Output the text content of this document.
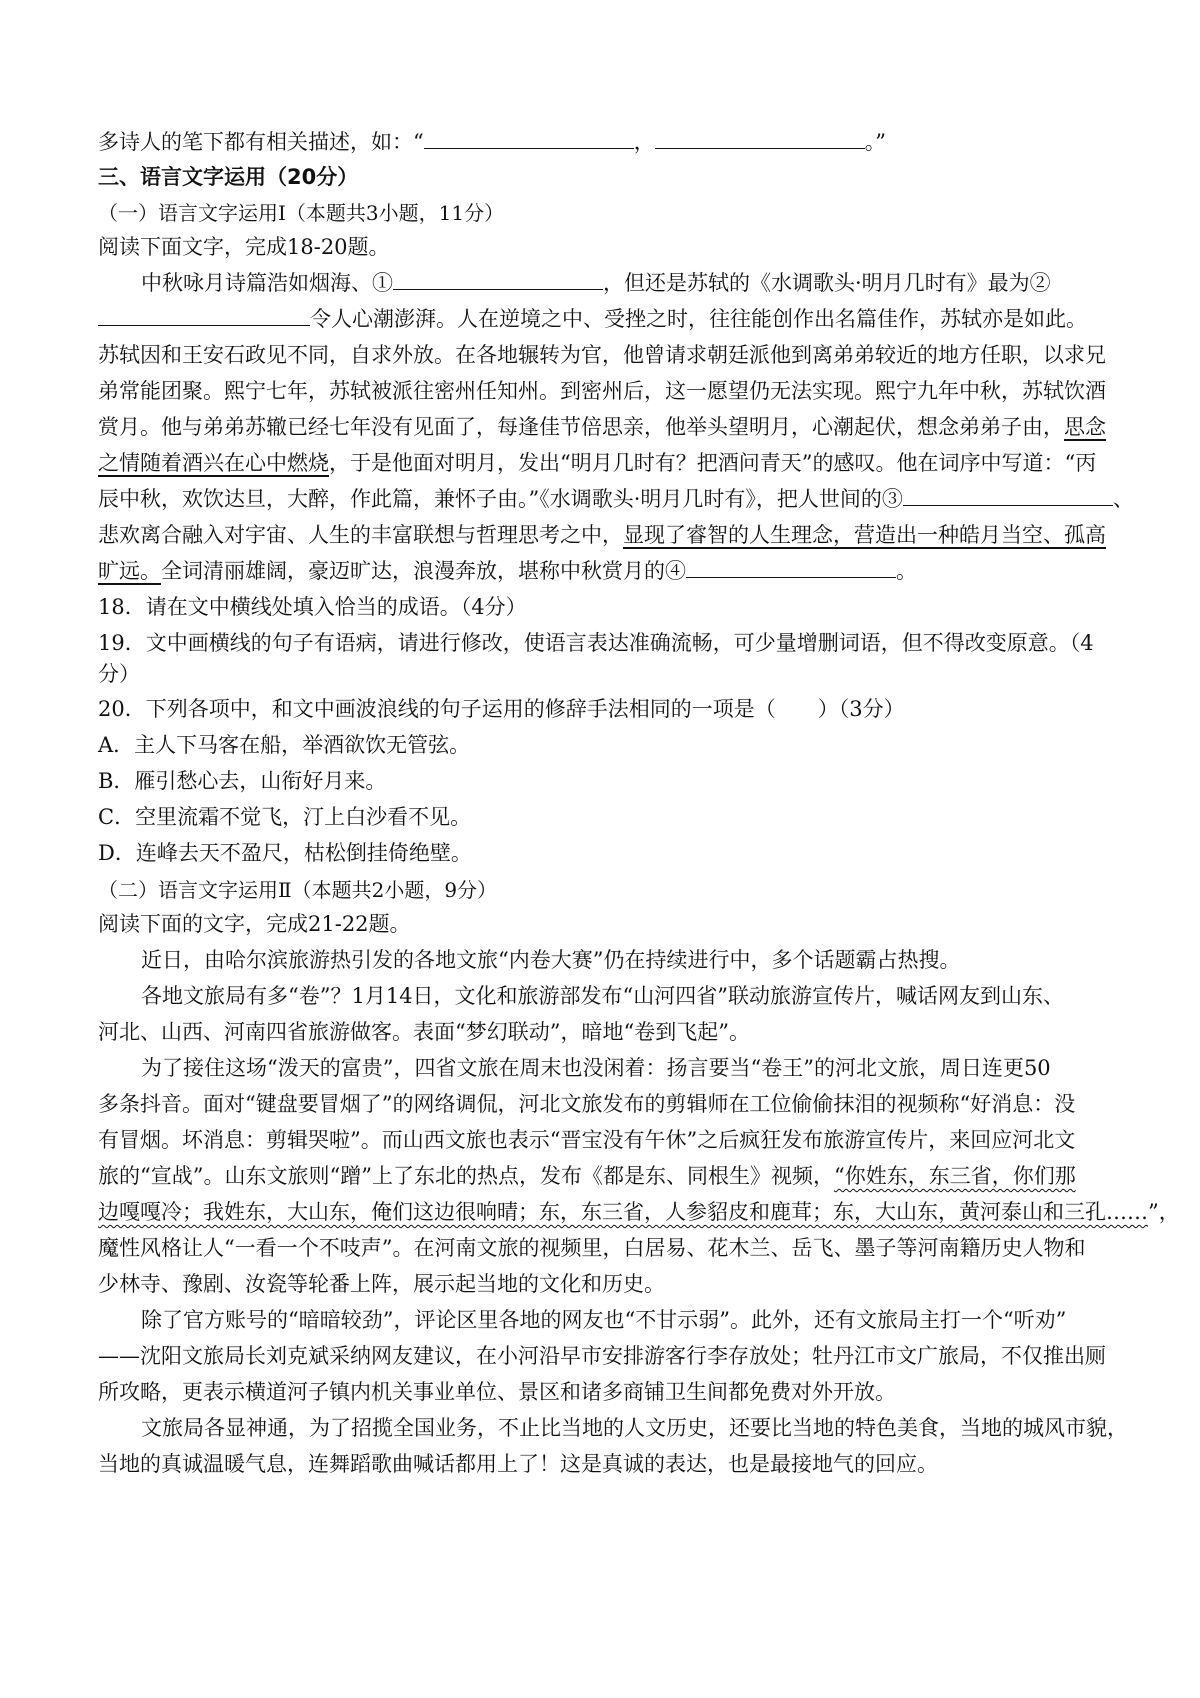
多诗人的笔下都有相关描述，如：“	，	。”
三、语言文字运用（20分）
（一）语言文字运用Ⅰ（本题共3小题，11分）
阅读下面文字，完成18-20题。
中秋咏月诗篇浩如烟海、①	，但还是苏轼的《水调歌头·明月几时有》最为②
令人心潮澎湃。人在逆境之中、受挫之时，往往能创作出名篇佳作，苏轼亦是如此。
苏轼因和王安石政见不同，自求外放。在各地辗转为官，他曾请求朝廷派他到离弟弟较近的地方任职，以求兄
弟常能团聚。熙宁七年，苏轼被派往密州任知州。到密州后，这一愿望仍无法实现。熙宁九年中秋，苏轼饮酒
赏月。他与弟弟苏辙已经七年没有见面了，每逢佳节倍思亲，他举头望明月，心潮起伏，想念弟弟子由，思念
之情随着酒兴在心中燃烧，于是他面对明月，发出“明月几时有？把酒问青天”的感叹。他在词序中写道：“丙
辰中秋，欢饮达旦，大醉，作此篇，兼怀子由。”《水调歌头·明月几时有》，把人世间的③	、
悲欢离合融入对宇宙、人生的丰富联想与哲理思考之中，显现了睿智的人生理念，营造出一种皓月当空、孤高
旷远。全词清丽雄阔，豪迈旷达，浪漫奔放，堪称中秋赏月的④	。
18．请在文中横线处填入恰当的成语。（4分）
19．文中画横线的句子有语病，请进行修改，使语言表达准确流畅，可少量增删词语，但不得改变原意。（4
分）
20．下列各项中，和文中画波浪线的句子运用的修辞手法相同的一项是（　　）（3分）
A．主人下马客在船，举酒欲饮无管弦。
B．雁引愁心去，山衔好月来。
C．空里流霜不觉飞，汀上白沙看不见。
D．连峰去天不盈尺，枯松倒挂倚绝壁。
（二）语言文字运用Ⅱ（本题共2小题，9分）
阅读下面的文字，完成21-22题。
近日，由哈尔滨旅游热引发的各地文旅“内卷大赛”仍在持续进行中，多个话题霸占热搜。
各地文旅局有多“卷”？1月14日，文化和旅游部发布“山河四省”联动旅游宣传片，喊话网友到山东、
河北、山西、河南四省旅游做客。表面“梦幻联动”，暗地“卷到飞起”。
为了接住这场“泼天的富贵”，四省文旅在周末也没闲着：扬言要当“卷王”的河北文旅，周日连更50
多条抖音。面对“键盘要冒烟了”的网络调侃，河北文旅发布的剪辑师在工位偷偷抹泪的视频称“好消息：没
有冒烟。坏消息：剪辑哭啦”。而山西文旅也表示“晋宝没有午休”之后疯狂发布旅游宣传片，来回应河北文
旅的“宣战”。山东文旅则“蹭”上了东北的热点，发布《都是东、同根生》视频，“你姓东，东三省，你们那
边嘎嘎冷；我姓东，大山东，俺们这边很响晴；东，东三省，人参貂皮和鹿茸；东，大山东，黄河泰山和三孔……”，
魔性风格让人“一看一个不吱声”。在河南文旅的视频里，白居易、花木兰、岳飞、墨子等河南籍历史人物和
少林寺、豫剧、汝瓷等轮番上阵，展示起当地的文化和历史。
除了官方账号的“暗暗较劲”，评论区里各地的网友也“不甘示弱”。此外，还有文旅局主打一个“听劝”
——沈阳文旅局长刘克斌采纳网友建议，在小河沿早市安排游客行李存放处；牡丹江市文广旅局，不仅推出厕
所攻略，更表示横道河子镇内机关事业单位、景区和诸多商铺卫生间都免费对外开放。
文旅局各显神通，为了招揽全国业务，不止比当地的人文历史，还要比当地的特色美食，当地的城风市貌，
当地的真诚温暖气息，连舞蹈歌曲喊话都用上了！这是真诚的表达，也是最接地气的回应。
